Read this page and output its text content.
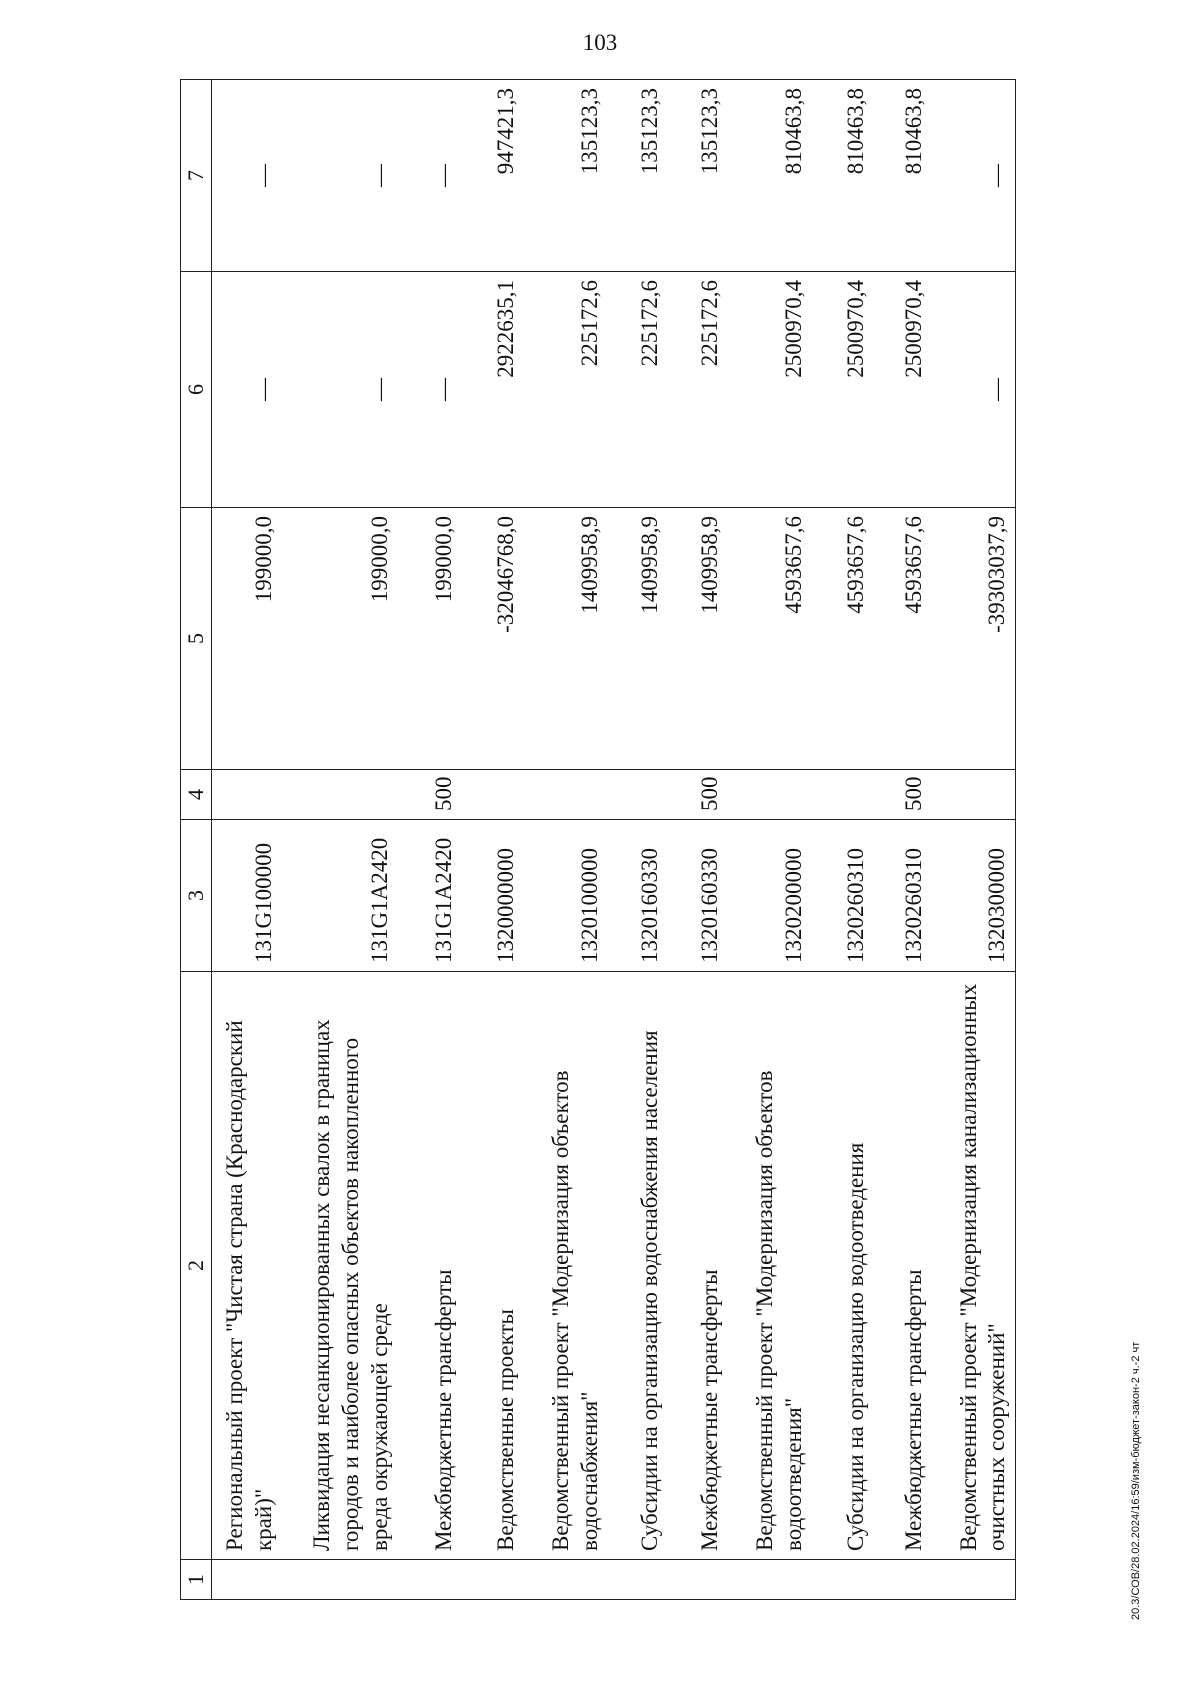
103
1	2	3	4	5	6	7
	Региональный проект "Чистая страна (Краснодарский край)"	131G100000		199000,0	—	—
	Ликвидация несанкционированных свалок в границах городов и наиболее опасных объектов накопленного вреда окружающей среде	131G1A2420		199000,0	—	—
	Межбюджетные трансферты	131G1A2420	500	199000,0	—	—
	Ведомственные проекты	1320000000		-32046768,0	2922635,1	947421,3
	Ведомственный проект "Модернизация объектов водоснабжения"	1320100000		1409958,9	225172,6	135123,3
	Субсидии на организацию водоснабжения населения	1320160330		1409958,9	225172,6	135123,3
	Межбюджетные трансферты	1320160330	500	1409958,9	225172,6	135123,3
	Ведомственный проект "Модернизация объектов водоотведения"	1320200000		4593657,6	2500970,4	810463,8
	Субсидии на организацию водоотведения	1320260310		4593657,6	2500970,4	810463,8
	Межбюджетные трансферты	1320260310	500	4593657,6	2500970,4	810463,8
	Ведомственный проект "Модернизация канализационных очистных сооружений"	1320300000		-39303037,9	—	—
20.3/СОВ/28.02.2024/16:59/изм-бюджет-закон-2 ч.-2 чт
